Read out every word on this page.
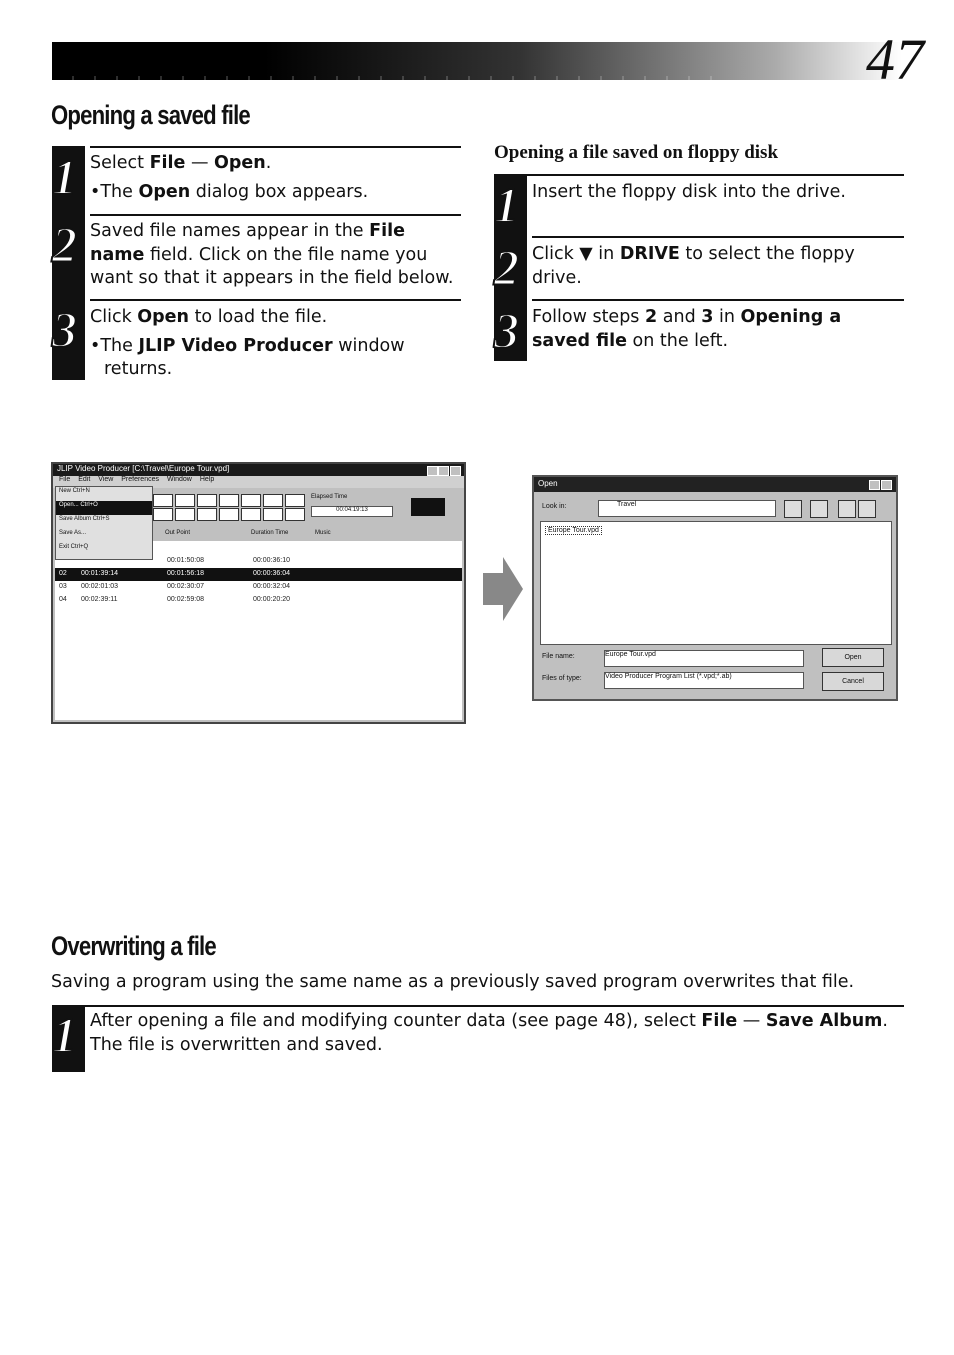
47
Opening a saved file
1 Select File — Open.
•The Open dialog box appears.
2 Saved file names appear in the File name field. Click on the file name you want so that it appears in the field below.
3 Click Open to load the file.
•The JLIP Video Producer window returns.
Opening a file saved on floppy disk
1 Insert the floppy disk into the drive.
2 Click ▼ in DRIVE to select the floppy drive.
3 Follow steps 2 and 3 in Opening a saved file on the left.
JLIP Video Producer [C:\Travel\Europe Tour.vpd]
File Edit View Preferences Window Help
Elapsed Time
00:04:19:13
Out Point	Duration Time	Music
00:01:50:08	00:00:36:10
02 00:01:39:14	00:01:56:18	00:00:36:04
03 00:02:01:03	00:02:30:07	00:00:32:04
04 00:02:39:11	00:02:59:08	00:00:20:20
New Ctrl+N
Open... Ctrl+O
Save Album Ctrl+S
Save As...
Exit Ctrl+Q
Open
Look in:	Travel
Europe Tour.vpd
File name:	Europe Tour.vpd
Files of type:	Video Producer Program List (*.vpd;*.ab)
Open
Cancel
Overwriting a file
Saving a program using the same name as a previously saved program overwrites that file.
1 After opening a file and modifying counter data (see page 48), select File — Save Album. The file is overwritten and saved.
